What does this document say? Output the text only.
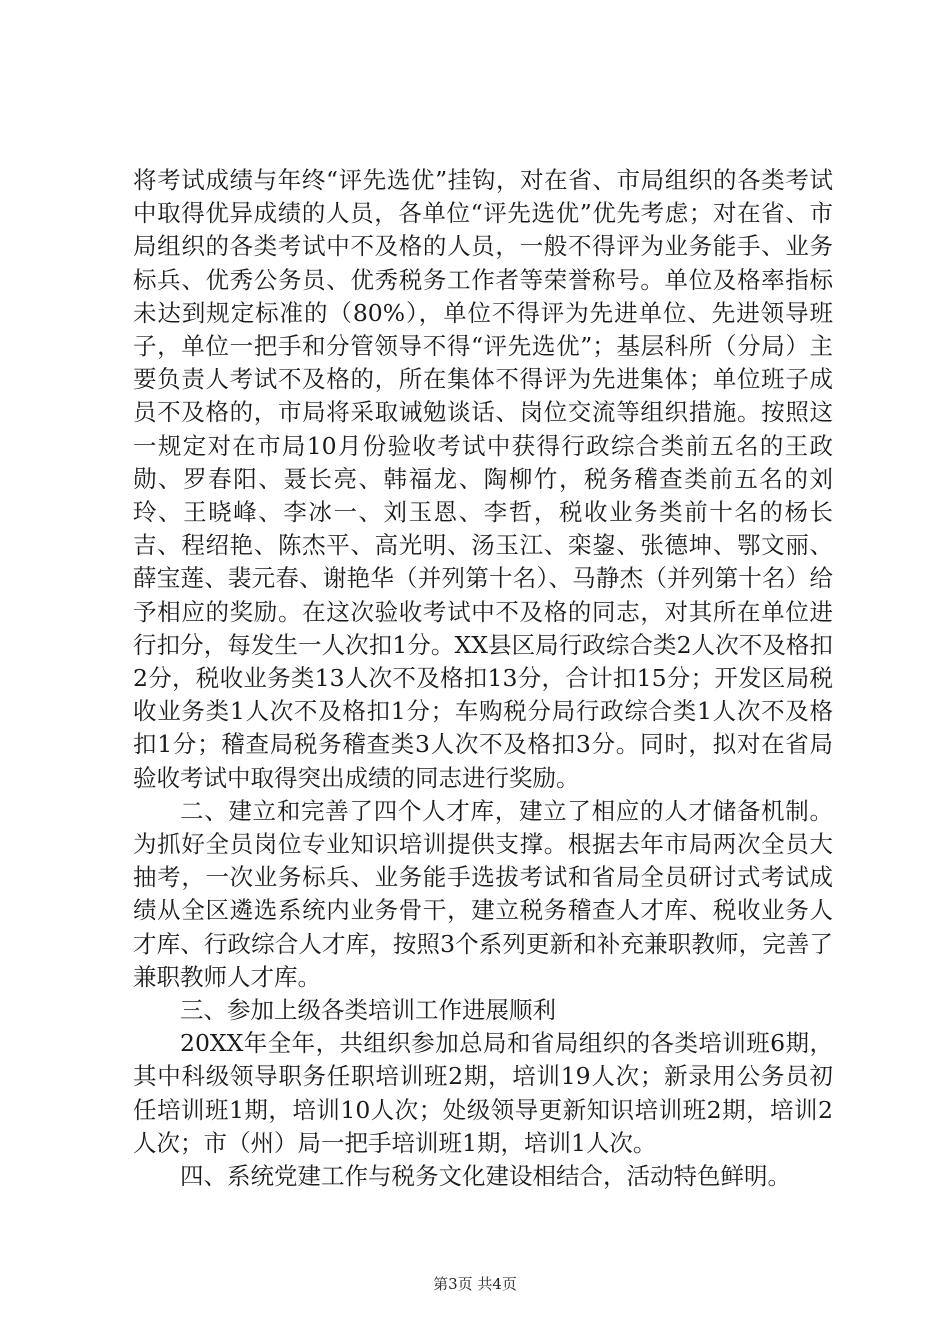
将考试成绩与年终“评先选优”挂钩，对在省、市局组织的各类考试中取得优异成绩的人员，各单位“评先选优”优先考虑；对在省、市局组织的各类考试中不及格的人员，一般不得评为业务能手、业务标兵、优秀公务员、优秀税务工作者等荣誉称号。单位及格率指标未达到规定标准的（80%），单位不得评为先进单位、先进领导班子，单位一把手和分管领导不得“评先选优”；基层科所（分局）主要负责人考试不及格的，所在集体不得评为先进集体；单位班子成员不及格的，市局将采取诫勉谈话、岗位交流等组织措施。按照这一规定对在市局10月份验收考试中获得行政综合类前五名的王政勋、罗春阳、聂长亮、韩福龙、陶柳竹，税务稽查类前五名的刘玲、王晓峰、李冰一、刘玉恩、李哲，税收业务类前十名的杨长吉、程绍艳、陈杰平、高光明、汤玉江、栾鋆、张德坤、鄂文丽、薛宝莲、裴元春、谢艳华（并列第十名）、马静杰（并列第十名）给予相应的奖励。在这次验收考试中不及格的同志，对其所在单位进行扣分，每发生一人次扣1分。XX县区局行政综合类2人次不及格扣2分，税收业务类13人次不及格扣13分，合计扣15分；开发区局税收业务类1人次不及格扣1分；车购税分局行政综合类1人次不及格扣1分；稽查局税务稽查类3人次不及格扣3分。同时，拟对在省局验收考试中取得突出成绩的同志进行奖励。

二、建立和完善了四个人才库，建立了相应的人才储备机制。为抓好全员岗位专业知识培训提供支撑。根据去年市局两次全员大抽考，一次业务标兵、业务能手选拔考试和省局全员研讨式考试成绩从全区遴选系统内业务骨干，建立税务稽查人才库、税收业务人才库、行政综合人才库，按照3个系列更新和补充兼职教师，完善了兼职教师人才库。

三、参加上级各类培训工作进展顺利

20XX年全年，共组织参加总局和省局组织的各类培训班6期，其中科级领导职务任职培训班2期，培训19人次；新录用公务员初任培训班1期，培训10人次；处级领导更新知识培训班2期，培训2人次；市（州）局一把手培训班1期，培训1人次。

四、系统党建工作与税务文化建设相结合，活动特色鲜明。

第3页 共4页
